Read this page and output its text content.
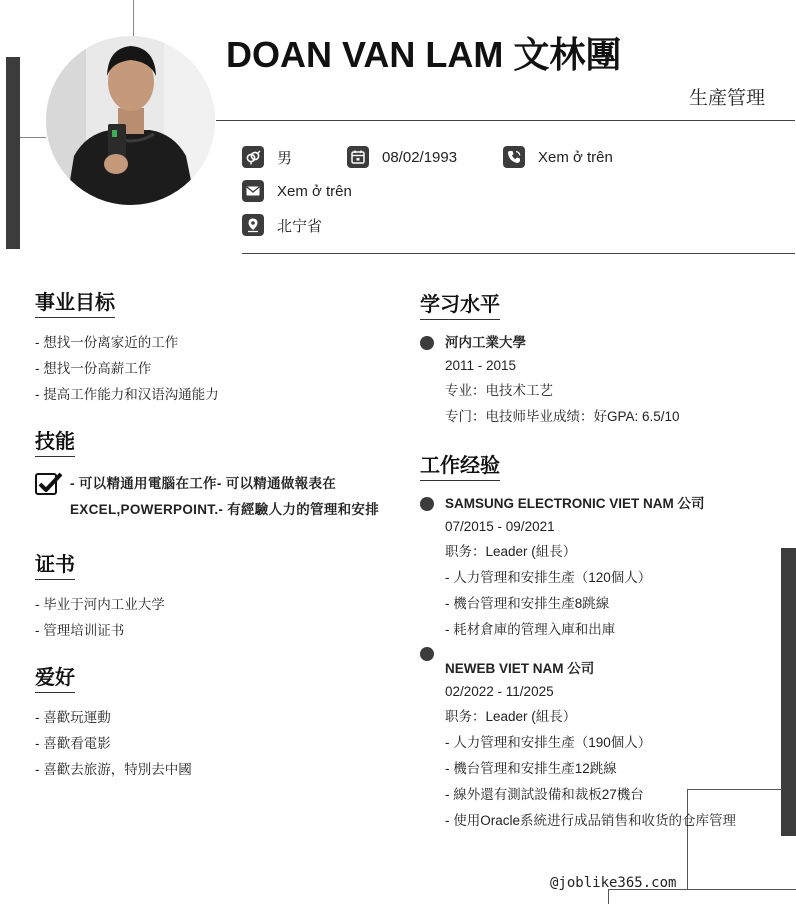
DOAN VAN LAM 文林團
生產管理
男	08/02/1993	Xem ở trên
Xem ở trên
北宁省
事业目标
- 想找一份离家近的工作
- 想找一份高薪工作
- 提高工作能力和汉语沟通能力
技能
- 可以精通用電腦在工作- 可以精通做報表在EXCEL,POWERPOINT.- 有經驗人力的管理和安排
证书
- 毕业于河内工业大学
- 管理培训证书
爱好
- 喜歡玩運動
- 喜歡看電影
- 喜歡去旅游，特別去中國
学习水平
河内工業大學
2011 - 2015
专业：电技术工艺
专门：电技师毕业成绩：好GPA: 6.5/10
工作经验
SAMSUNG ELECTRONIC VIET NAM 公司
07/2015 - 09/2021
职务：Leader (組長）
- 人力管理和安排生產（120個人）
- 機台管理和安排生產8跳線
- 耗材倉庫的管理入庫和出庫
NEWEB VIET NAM 公司
02/2022 - 11/2025
职务：Leader (組長）
- 人力管理和安排生產（190個人）
- 機台管理和安排生產12跳線
- 線外還有測試設備和裁板27機台
- 使用Oracle系統进行成品销售和收货的仓库管理
@joblike365.com
